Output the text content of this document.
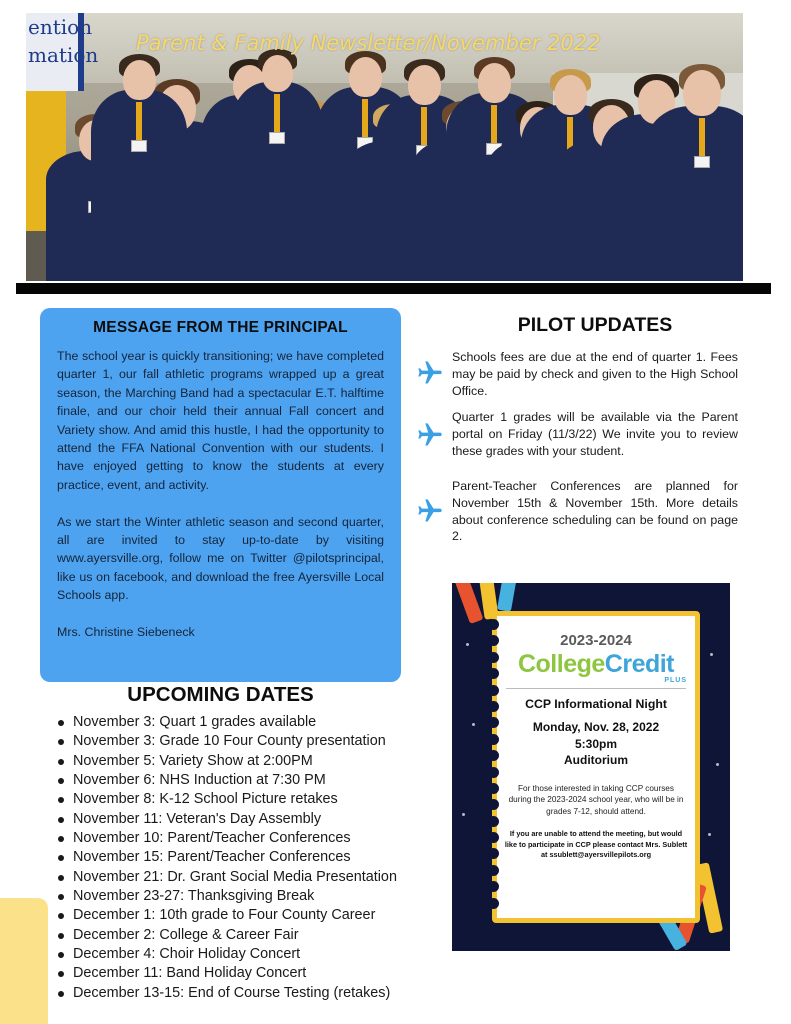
ention
mation Parent & Family Newsletter/November 2022
MESSAGE FROM THE PRINCIPAL

The school year is quickly transitioning; we have completed quarter 1, our fall athletic programs wrapped up a great season, the Marching Band had a spectacular E.T. halftime finale, and our choir held their annual Fall concert and Variety show. And amid this hustle, I had the opportunity to attend the FFA National Convention with our students. I have enjoyed getting to know the students at every practice, event, and activity.

As we start the Winter athletic season and second quarter, all are invited to stay up-to-date by visiting www.ayersville.org, follow me on Twitter @pilotsprincipal, like us on facebook, and download the free Ayersville Local Schools app.

Mrs. Christine Siebeneck

UPCOMING DATES
November 3: Quart 1 grades available
November 3: Grade 10 Four County presentation
November 5: Variety Show at 2:00PM
November 6: NHS Induction at 7:30 PM
November 8: K-12 School Picture retakes
November 11: Veteran's Day Assembly
November 10: Parent/Teacher Conferences
November 15: Parent/Teacher Conferences
November 21: Dr. Grant Social Media Presentation
November 23-27: Thanksgiving Break
December 1: 10th grade to Four County Career
December 2: College & Career Fair
December 4: Choir Holiday Concert
December 11: Band Holiday Concert
December 13-15: End of Course Testing (retakes)
PILOT UPDATES

Schools fees are due at the end of quarter 1. Fees may be paid by check and given to the High School Office.

Quarter 1 grades will be available via the Parent portal on Friday (11/3/22) We invite you to review these grades with your student.

Parent-Teacher Conferences are planned for November 15th & November 15th. More details about conference scheduling can be found on page 2.

2023-2024
CollegeCredit
PLUS
CCP Informational Night
Monday, Nov. 28, 2022
5:30pm
Auditorium
For those interested in taking CCP courses during the 2023-2024 school year, who will be in grades 7-12, should attend.
If you are unable to attend the meeting, but would like to participate in CCP please contact Mrs. Sublett at ssublett@ayersvillepilots.org
